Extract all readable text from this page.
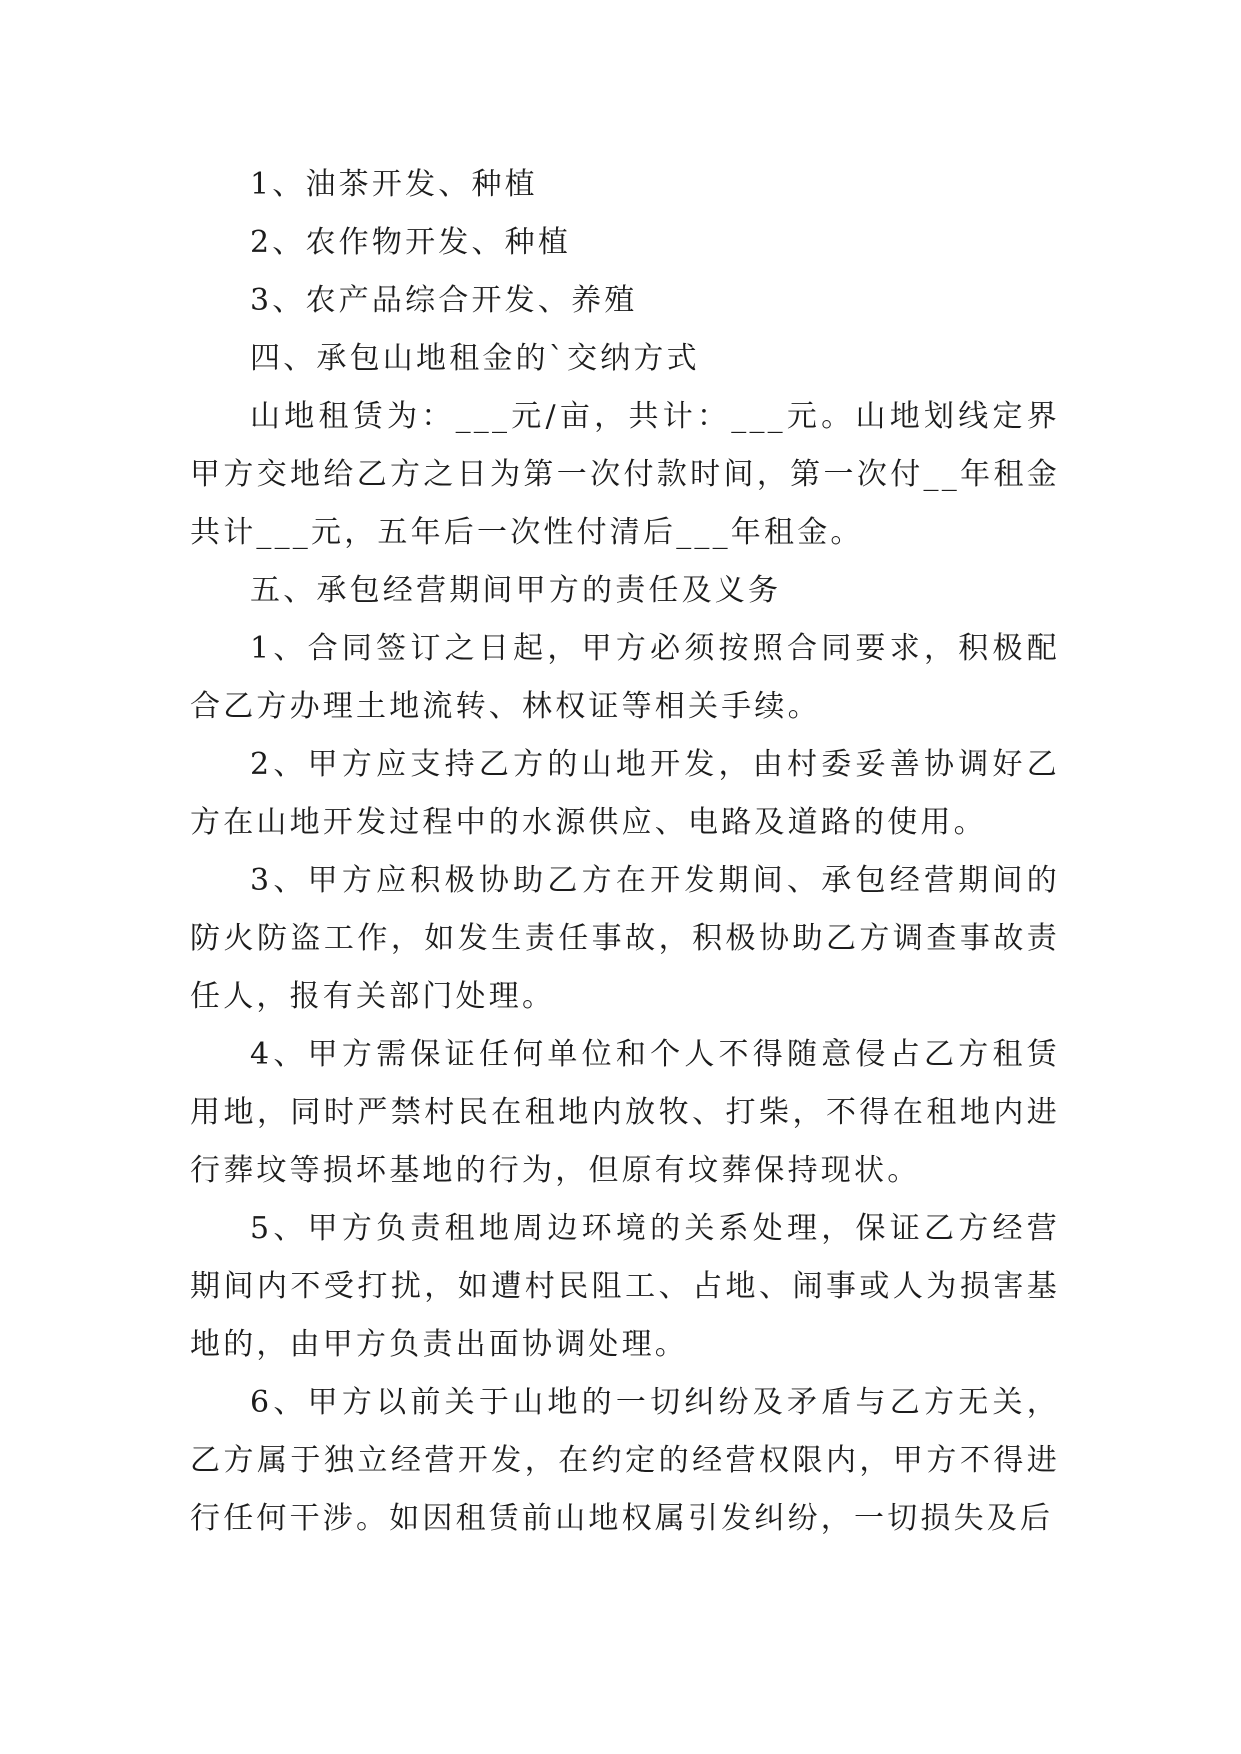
1、油茶开发、种植

2、农作物开发、种植

3、农产品综合开发、养殖

四、承包山地租金的`交纳方式

山地租赁为：___元/亩，共计：___元。山地划线定界甲方交地给乙方之日为第一次付款时间，第一次付__年租金共计___元，五年后一次性付清后___年租金。

五、承包经营期间甲方的责任及义务

1、合同签订之日起，甲方必须按照合同要求，积极配合乙方办理土地流转、林权证等相关手续。

2、甲方应支持乙方的山地开发，由村委妥善协调好乙方在山地开发过程中的水源供应、电路及道路的使用。

3、甲方应积极协助乙方在开发期间、承包经营期间的防火防盗工作，如发生责任事故，积极协助乙方调查事故责任人，报有关部门处理。

4、甲方需保证任何单位和个人不得随意侵占乙方租赁用地，同时严禁村民在租地内放牧、打柴，不得在租地内进行葬坟等损坏基地的行为，但原有坟葬保持现状。

5、甲方负责租地周边环境的关系处理，保证乙方经营期间内不受打扰，如遭村民阻工、占地、闹事或人为损害基地的，由甲方负责出面协调处理。

6、甲方以前关于山地的一切纠纷及矛盾与乙方无关，乙方属于独立经营开发，在约定的经营权限内，甲方不得进行任何干涉。如因租赁前山地权属引发纠纷，一切损失及后
